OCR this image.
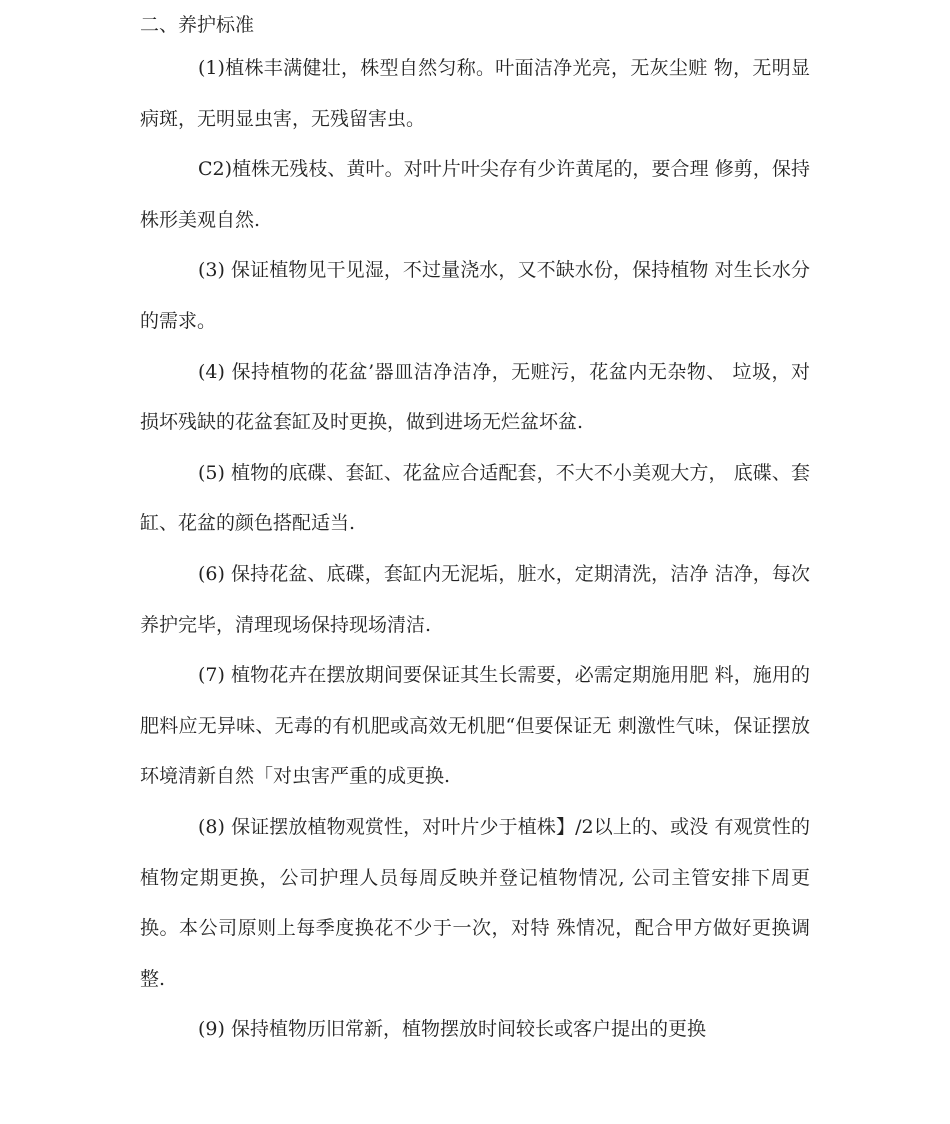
二、养护标准

(1)植株丰满健壮，株型自然匀称。叶面洁净光亮，无灰尘赃 物，无明显病斑，无明显虫害，无残留害虫。

C2)植株无残枝、黄叶。对叶片叶尖存有少许黄尾的，要合理 修剪，保持株形美观自然.

(3) 保证植物见干见湿，不过量浇水，又不缺水份，保持植物 对生长水分的需求。

(4) 保持植物的花盆’器皿洁净洁净，无赃污，花盆内无杂物、 垃圾，对损坏残缺的花盆套缸及时更换，做到进场无烂盆坏盆.

(5) 植物的底碟、套缸、花盆应合适配套，不大不小美观大方， 底碟、套缸、花盆的颜色搭配适当.

(6) 保持花盆、底碟，套缸内无泥垢，脏水，定期清洗，洁净 洁净，每次养护完毕，清理现场保持现场清洁.

(7) 植物花卉在摆放期间要保证其生长需要，必需定期施用肥 料，施用的肥料应无异味、无毒的有机肥或高效无机肥“但要保证无 刺激性气味，保证摆放环境清新自然「对虫害严重的成更换.

(8) 保证摆放植物观赏性，对叶片少于植株】/2以上的、或没 有观赏性的植物定期更换，公司护理人员每周反映并登记植物情况, 公司主管安排下周更换。本公司原则上每季度换花不少于一次，对特 殊情况，配合甲方做好更换调整.

(9) 保持植物历旧常新，植物摆放时间较长或客户提出的更换
